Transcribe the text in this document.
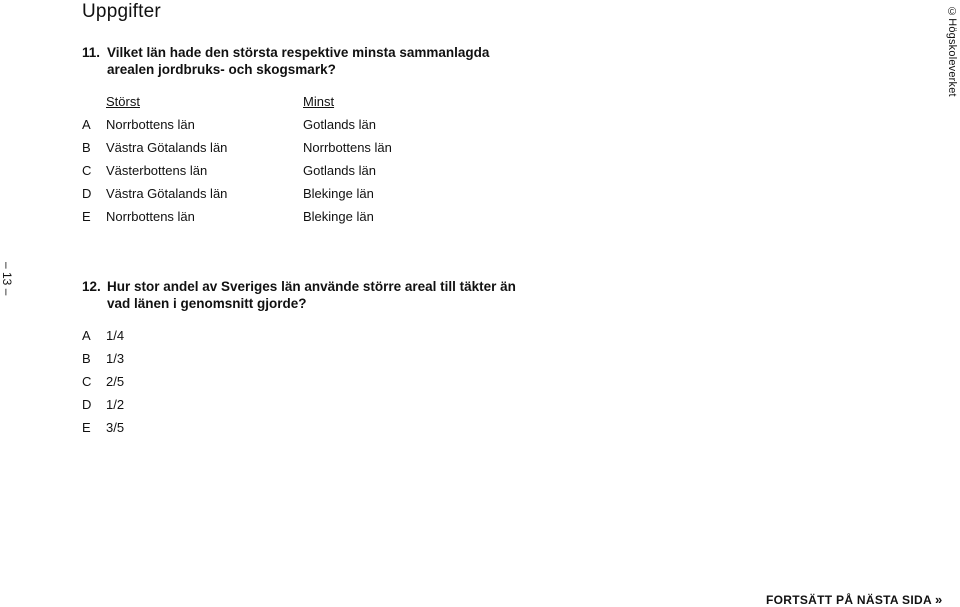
Uppgifter	©Högskoleverket
– 13 –
11. Vilket län hade den största respektive minsta sammanlagda arealen jordbruks- och skogsmark?
Störst	Minst
A Norrbottens län	Gotlands län
B Västra Götalands län	Norrbottens län
C Västerbottens län	Gotlands län
D Västra Götalands län	Blekinge län
E Norrbottens län	Blekinge län
12. Hur stor andel av Sveriges län använde större areal till täkter än vad länen i genomsnitt gjorde?
A 1/4
B 1/3
C 2/5
D 1/2
E 3/5
FORTSÄTT PÅ NÄSTA SIDA »
